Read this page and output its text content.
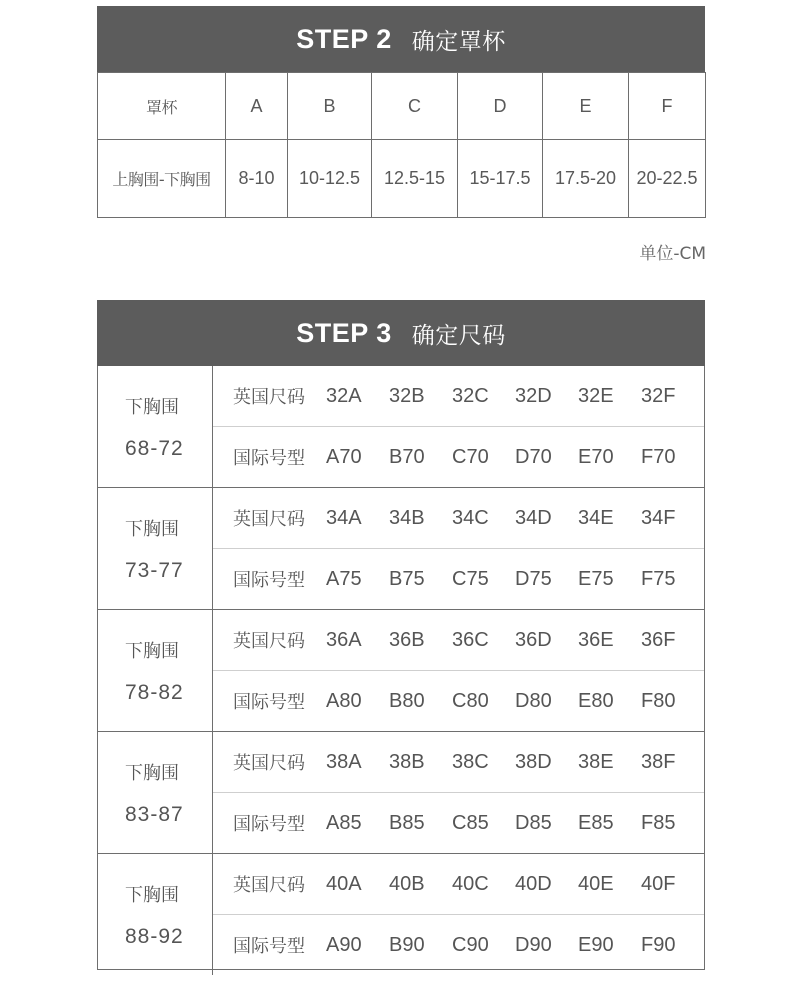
STEP 2 确定罩杯
罩杯	A	B	C	D	E	F
上胸围-下胸围	8-10	10-12.5	12.5-15	15-17.5	17.5-20	20-22.5
单位-CM
STEP 3 确定尺码
下胸围
68-72
英国尺码	32A	32B	32C	32D	32E	32F
国际号型	A70	B70	C70	D70	E70	F70
下胸围
73-77
英国尺码	34A	34B	34C	34D	34E	34F
国际号型	A75	B75	C75	D75	E75	F75
下胸围
78-82
英国尺码	36A	36B	36C	36D	36E	36F
国际号型	A80	B80	C80	D80	E80	F80
下胸围
83-87
英国尺码	38A	38B	38C	38D	38E	38F
国际号型	A85	B85	C85	D85	E85	F85
下胸围
88-92
英国尺码	40A	40B	40C	40D	40E	40F
国际号型	A90	B90	C90	D90	E90	F90
